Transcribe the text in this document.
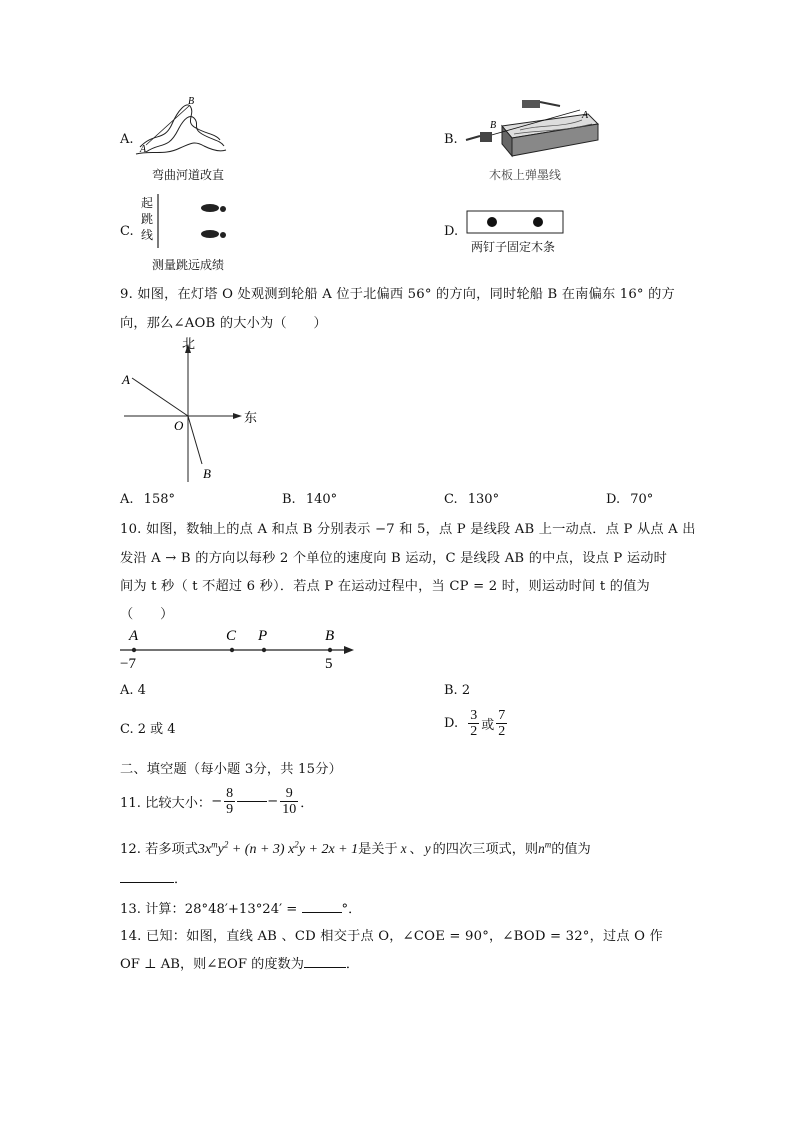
A.
B
A
弯曲河道改直
B.
A
B
木板上弹墨线
C.
起
跳
线
测量跳远成绩
D.
两钉子固定木条
9. 如图，在灯塔 O 处观测到轮船 A 位于北偏西 56° 的方向，同时轮船 B 在南偏东 16° 的方
向，那么∠AOB 的大小为（　　）
北
东
O
A
B
A. 158°	B. 140°	C. 130°	D. 70°
10. 如图，数轴上的点 A 和点 B 分别表示 −7 和 5，点 P 是线段 AB 上一动点．点 P 从点 A 出
发沿 A → B 的方向以每秒 2 个单位的速度向 B 运动，C 是线段 AB 的中点，设点 P 运动时
间为 t 秒（ t 不超过 6 秒）．若点 P 在运动过程中，当 CP = 2 时，则运动时间 t 的值为
（　　）
A	C P	B
−7	5
A. 4	B. 2
C. 2 或 4	D. $\frac{3}{2}$ 或 $\frac{7}{2}$
二、填空题（每小题 3分，共 15分）
11. 比较大小：− $\frac{8}{9} - \frac{9}{10}$ ．
12. 若多项式$3x^my^2 + (n + 3) x^2y + 2x + 1$是关于 x 、 y 的四次三项式，则$n^m$的值为
．
13. 计算：28°48′+13°24′ =	°．
14. 已知：如图，直线 AB 、CD 相交于点 O，∠COE = 90°，∠BOD = 32°，过点 O 作
OF ⊥ AB，则∠EOF 的度数为	．
